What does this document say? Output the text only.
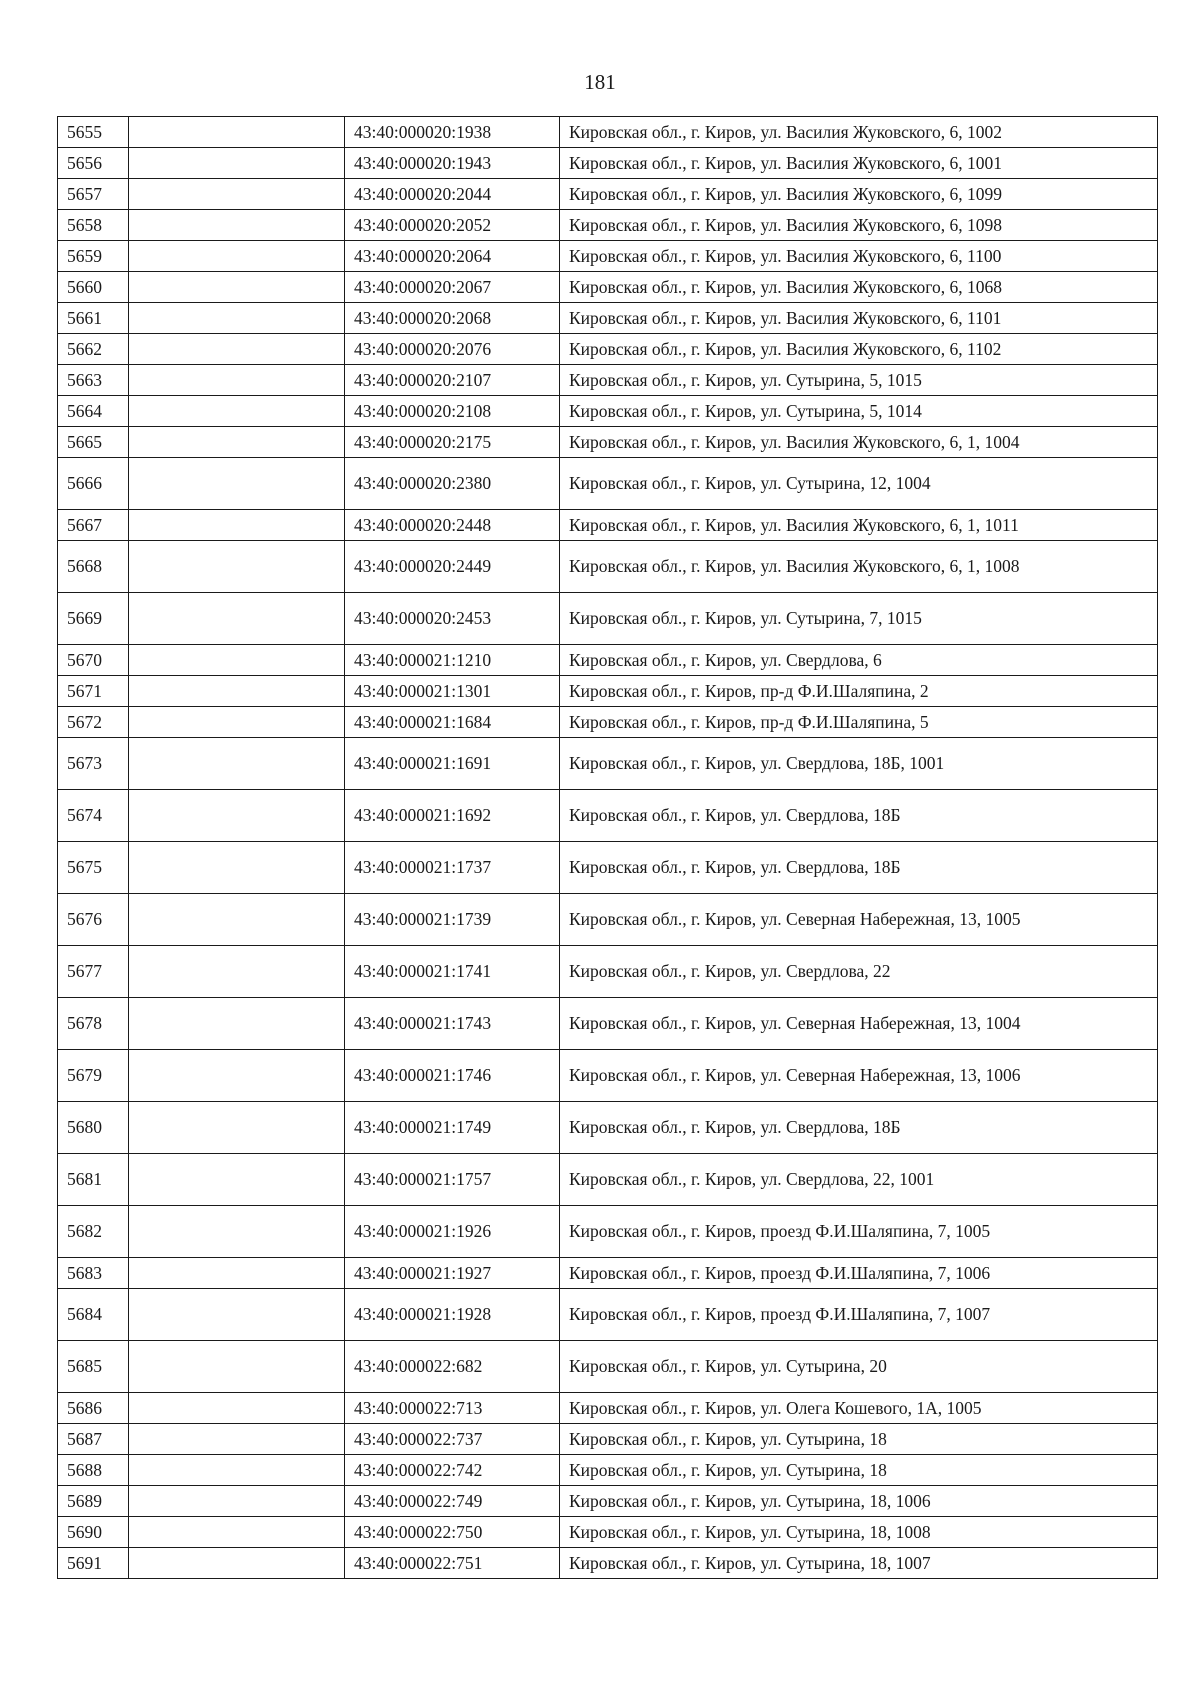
181
5655		43:40:000020:1938	Кировская обл., г. Киров, ул. Василия Жуковского, 6, 1002
5656		43:40:000020:1943	Кировская обл., г. Киров, ул. Василия Жуковского, 6, 1001
5657		43:40:000020:2044	Кировская обл., г. Киров, ул. Василия Жуковского, 6, 1099
5658		43:40:000020:2052	Кировская обл., г. Киров, ул. Василия Жуковского, 6, 1098
5659		43:40:000020:2064	Кировская обл., г. Киров, ул. Василия Жуковского, 6, 1100
5660		43:40:000020:2067	Кировская обл., г. Киров, ул. Василия Жуковского, 6, 1068
5661		43:40:000020:2068	Кировская обл., г. Киров, ул. Василия Жуковского, 6, 1101
5662		43:40:000020:2076	Кировская обл., г. Киров, ул. Василия Жуковского, 6, 1102
5663		43:40:000020:2107	Кировская обл., г. Киров, ул. Сутырина, 5, 1015
5664		43:40:000020:2108	Кировская обл., г. Киров, ул. Сутырина, 5, 1014
5665		43:40:000020:2175	Кировская обл., г. Киров, ул. Василия Жуковского, 6, 1, 1004
5666		43:40:000020:2380	Кировская обл., г. Киров, ул. Сутырина, 12, 1004
5667		43:40:000020:2448	Кировская обл., г. Киров, ул. Василия Жуковского, 6, 1, 1011
5668		43:40:000020:2449	Кировская обл., г. Киров, ул. Василия Жуковского, 6, 1, 1008
5669		43:40:000020:2453	Кировская обл., г. Киров, ул. Сутырина, 7, 1015
5670		43:40:000021:1210	Кировская обл., г. Киров, ул. Свердлова, 6
5671		43:40:000021:1301	Кировская обл., г. Киров, пр-д Ф.И.Шаляпина, 2
5672		43:40:000021:1684	Кировская обл., г. Киров, пр-д Ф.И.Шаляпина, 5
5673		43:40:000021:1691	Кировская обл., г. Киров, ул. Свердлова, 18Б, 1001
5674		43:40:000021:1692	Кировская обл., г. Киров, ул. Свердлова, 18Б
5675		43:40:000021:1737	Кировская обл., г. Киров, ул. Свердлова, 18Б
5676		43:40:000021:1739	Кировская обл., г. Киров, ул. Северная Набережная, 13, 1005
5677		43:40:000021:1741	Кировская обл., г. Киров, ул. Свердлова, 22
5678		43:40:000021:1743	Кировская обл., г. Киров, ул. Северная Набережная, 13, 1004
5679		43:40:000021:1746	Кировская обл., г. Киров, ул. Северная Набережная, 13, 1006
5680		43:40:000021:1749	Кировская обл., г. Киров, ул. Свердлова, 18Б
5681		43:40:000021:1757	Кировская обл., г. Киров, ул. Свердлова, 22, 1001
5682		43:40:000021:1926	Кировская обл., г. Киров, проезд Ф.И.Шаляпина, 7, 1005
5683		43:40:000021:1927	Кировская обл., г. Киров, проезд Ф.И.Шаляпина, 7, 1006
5684		43:40:000021:1928	Кировская обл., г. Киров, проезд Ф.И.Шаляпина, 7, 1007
5685		43:40:000022:682	Кировская обл., г. Киров, ул. Сутырина, 20
5686		43:40:000022:713	Кировская обл., г. Киров, ул. Олега Кошевого, 1А, 1005
5687		43:40:000022:737	Кировская обл., г. Киров, ул. Сутырина, 18
5688		43:40:000022:742	Кировская обл., г. Киров, ул. Сутырина, 18
5689		43:40:000022:749	Кировская обл., г. Киров, ул. Сутырина, 18, 1006
5690		43:40:000022:750	Кировская обл., г. Киров, ул. Сутырина, 18, 1008
5691		43:40:000022:751	Кировская обл., г. Киров, ул. Сутырина, 18, 1007
